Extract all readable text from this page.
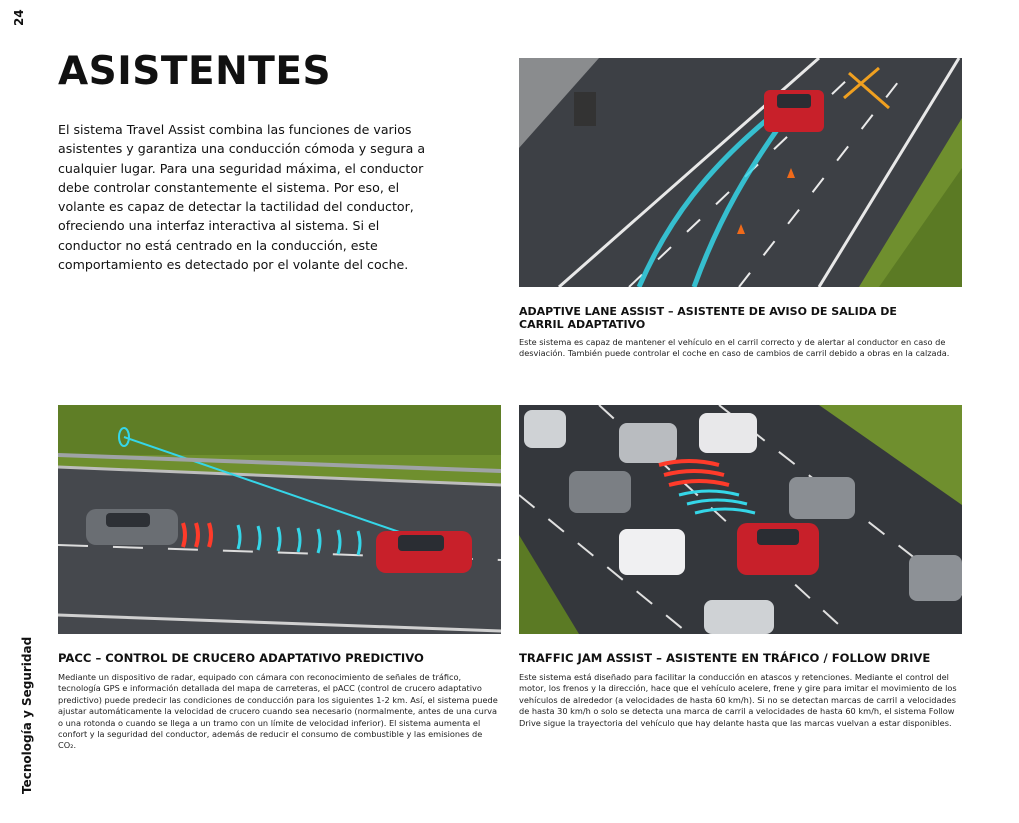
24
Tecnología y Seguridad
ASISTENTES

El sistema Travel Assist combina las funciones de varios asistentes y garantiza una conducción cómoda y segura a cualquier lugar. Para una seguridad máxima, el conductor debe controlar constantemente el sistema. Por eso, el volante es capaz de detectar la tactilidad del conductor, ofreciendo una interfaz interactiva al sistema. Si el conductor no está centrado en la conducción, este comportamiento es detectado por el volante del coche.

ADAPTIVE LANE ASSIST – ASISTENTE DE AVISO DE SALIDA DE CARRIL ADAPTATIVO

Este sistema es capaz de mantener el vehículo en el carril correcto y de alertar al conductor en caso de desviación. También puede controlar el coche en caso de cambios de carril debido a obras en la calzada.

PACC – CONTROL DE CRUCERO ADAPTATIVO PREDICTIVO

Mediante un dispositivo de radar, equipado con cámara con reconocimiento de señales de tráfico, tecnología GPS e información detallada del mapa de carreteras, el pACC (control de crucero adaptativo predictivo) puede predecir las condiciones de conducción para los siguientes 1-2 km. Así, el sistema puede ajustar automáticamente la velocidad de crucero cuando sea necesario (normalmente, antes de una curva o una rotonda o cuando se llega a un tramo con un límite de velocidad inferior). El sistema aumenta el confort y la seguridad del conductor, además de reducir el consumo de combustible y las emisiones de CO₂.

TRAFFIC JAM ASSIST – ASISTENTE EN TRÁFICO / FOLLOW DRIVE

Este sistema está diseñado para facilitar la conducción en atascos y retenciones. Mediante el control del motor, los frenos y la dirección, hace que el vehículo acelere, frene y gire para imitar el movimiento de los vehículos de alrededor (a velocidades de hasta 60 km/h). Si no se detectan marcas de carril a velocidades de hasta 30 km/h o solo se detecta una marca de carril a velocidades de hasta 60 km/h, el sistema Follow Drive sigue la trayectoria del vehículo que hay delante hasta que las marcas vuelvan a estar disponibles.
